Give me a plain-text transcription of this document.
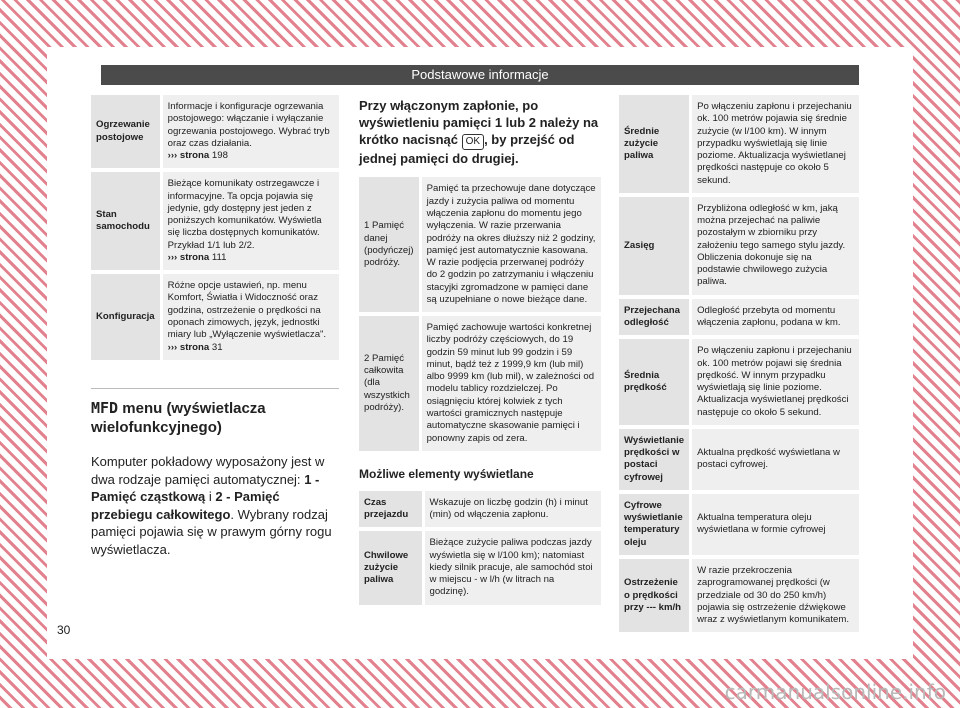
Podstawowe informacje
Ogrzewanie postojowe	Informacje i konfiguracje ogrzewania postojowego: włączanie i wyłączanie ogrzewania postojowego. Wybrać tryb oraz czas działania.
››› strona 198
Stan samochodu	Bieżące komunikaty ostrzegawcze i informacyjne. Ta opcja pojawia się jedynie, gdy dostępny jest jeden z poniższych komunikatów. Wyświetla się liczba dostępnych komunikatów. Przykład 1/1 lub 2/2.
››› strona 111
Konfiguracja	Różne opcje ustawień, np. menu Komfort, Światła i Widoczność oraz godzina, ostrzeżenie o prędkości na oponach zimowych, język, jednostki miary lub „Wyłączenie wyświetlacza".
››› strona 31
MFD menu (wyświetlacza wielofunkcyjnego)

Komputer pokładowy wyposażony jest w dwa rodzaje pamięci automatycznej: 1 - Pamięć cząstkową i 2 - Pamięć przebiegu całkowitego. Wybrany rodzaj pamięci pojawia się w prawym górny rogu wyświetlacza.

Przy włączonym zapłonie, po wyświetleniu pamięci 1 lub 2 należy na krótko nacisnąć OK , by przejść od jednej pamięci do drugiej.

1 Pamięć danej (podyńczej) podróży.	Pamięć ta przechowuje dane dotyczące jazdy i zużycia paliwa od momentu włączenia zapłonu do momentu jego wyłączenia. W razie przerwania podróży na okres dłuższy niż 2 godziny, pamięć jest automatycznie kasowana. W razie podjęcia przerwanej podróży do 2 godzin po zatrzymaniu i włączeniu stacyjki zgromadzone w pamięci dane są uzupełniane o nowe bieżące dane.
2 Pamięć całkowita (dla wszystkich podróży).	Pamięć zachowuje wartości konkretnej liczby podróży częściowych, do 19 godzin 59 minut lub 99 godzin i 59 minut, bądź też z 1999,9 km (lub mil) albo 9999 km (lub mil), w zależności od modelu tablicy rozdzielczej. Po osiągnięciu której kolwiek z tych wartości gramicznych następuje automatyczne skasowanie pamięci i ponowny zapis od zera.
Możliwe elementy wyświetlane
Czas przejazdu	Wskazuje on liczbę godzin (h) i minut (min) od włączenia zapłonu.
Chwilowe zużycie paliwa	Bieżące zużycie paliwa podczas jazdy wyświetla się w l/100 km); natomiast kiedy silnik pracuje, ale samochód stoi w miejscu - w l/h (w litrach na godzinę).
Średnie zużycie paliwa	Po włączeniu zapłonu i przejechaniu ok. 100 metrów pojawia się średnie zużycie (w l/100 km). W innym przypadku wyświetlają się linie poziome. Aktualizacja wyświetlanej prędkości następuje co około 5 sekund.
Zasięg	Przybliżona odległość w km, jaką można przejechać na paliwie pozostałym w zbiorniku przy założeniu tego samego stylu jazdy. Obliczenia dokonuje się na podstawie chwilowego zużycia paliwa.
Przejechana odległość	Odległość przebyta od momentu włączenia zapłonu, podana w km.
Średnia prędkość	Po włączeniu zapłonu i przejechaniu ok. 100 metrów pojawi się średnia prędkość. W innym przypadku wyświetlają się linie poziome. Aktualizacja wyświetlanej prędkości następuje co około 5 sekund.
Wyświetlanie prędkości w postaci cyfrowej	Aktualna prędkość wyświetlana w postaci cyfrowej.
Cyfrowe wyświetlanie temperatury oleju	Aktualna temperatura oleju wyświetlana w formie cyfrowej
Ostrzeżenie o prędkości przy --- km/h	W razie przekroczenia zaprogramowanej prędkości (w przedziale od 30 do 250 km/h) pojawia się ostrzeżenie dźwiękowe wraz z wyświetlanym komunikatem.
30
carmanualsonline.info
